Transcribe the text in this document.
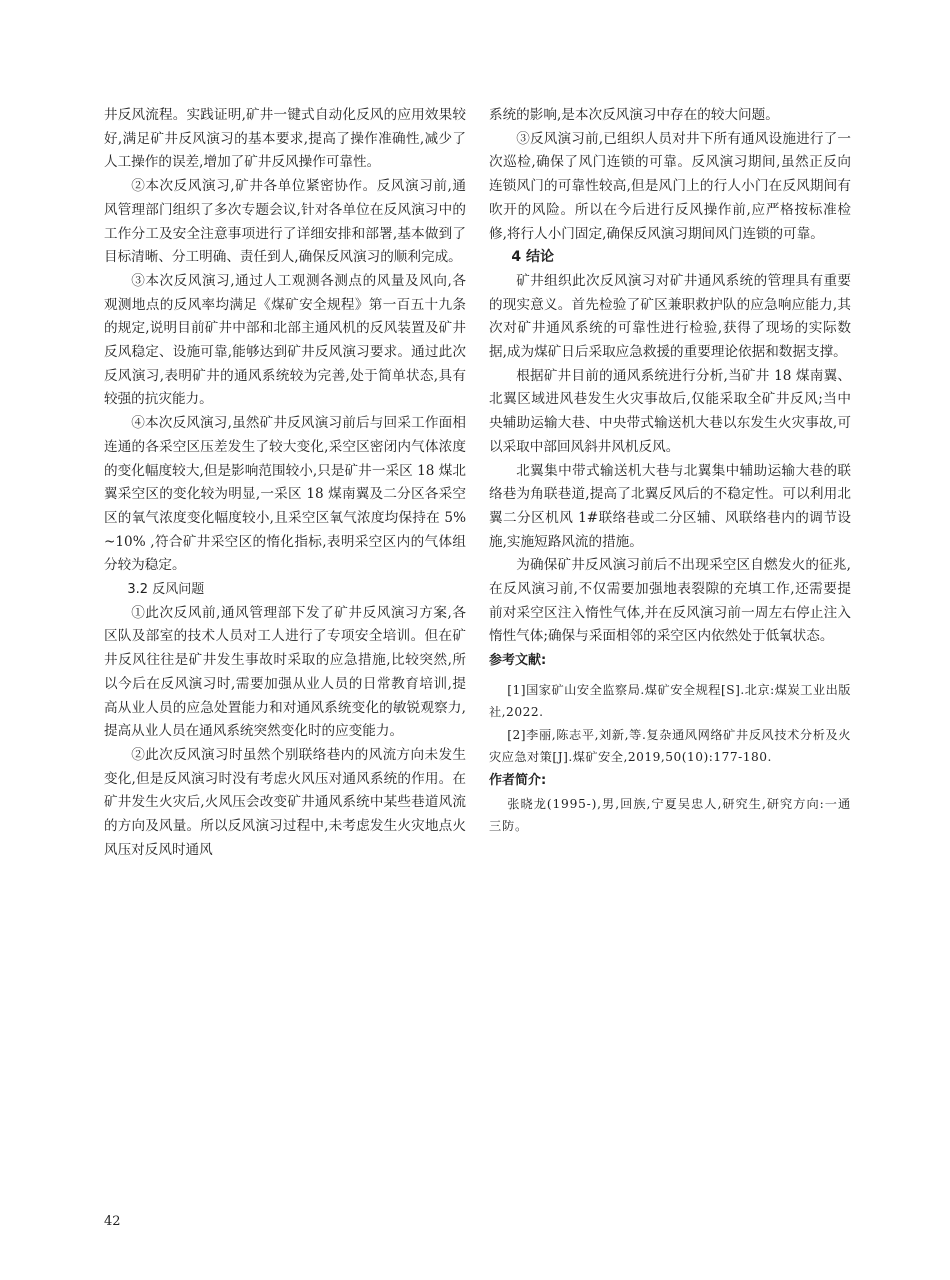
井反风流程。实践证明,矿井一键式自动化反风的应用效果较好,满足矿井反风演习的基本要求,提高了操作准确性,减少了人工操作的误差,增加了矿井反风操作可靠性。

②本次反风演习,矿井各单位紧密协作。反风演习前,通风管理部门组织了多次专题会议,针对各单位在反风演习中的工作分工及安全注意事项进行了详细安排和部署,基本做到了目标清晰、分工明确、责任到人,确保反风演习的顺利完成。

③本次反风演习,通过人工观测各测点的风量及风向,各观测地点的反风率均满足《煤矿安全规程》第一百五十九条的规定,说明目前矿井中部和北部主通风机的反风装置及矿井反风稳定、设施可靠,能够达到矿井反风演习要求。通过此次反风演习,表明矿井的通风系统较为完善,处于简单状态,具有较强的抗灾能力。

④本次反风演习,虽然矿井反风演习前后与回采工作面相连通的各采空区压差发生了较大变化,采空区密闭内气体浓度的变化幅度较大,但是影响范围较小,只是矿井一采区 18 煤北翼采空区的变化较为明显,一采区 18 煤南翼及二分区各采空区的氧气浓度变化幅度较小,且采空区氧气浓度均保持在 5% ~10% ,符合矿井采空区的惰化指标,表明采空区内的气体组分较为稳定。

3.2 反风问题

①此次反风前,通风管理部下发了矿井反风演习方案,各区队及部室的技术人员对工人进行了专项安全培训。但在矿井反风往往是矿井发生事故时采取的应急措施,比较突然,所以今后在反风演习时,需要加强从业人员的日常教育培训,提高从业人员的应急处置能力和对通风系统变化的敏锐观察力,提高从业人员在通风系统突然变化时的应变能力。

②此次反风演习时虽然个别联络巷内的风流方向未发生变化,但是反风演习时没有考虑火风压对通风系统的作用。在矿井发生火灾后,火风压会改变矿井通风系统中某些巷道风流的方向及风量。所以反风演习过程中,未考虑发生火灾地点火风压对反风时通风

系统的影响,是本次反风演习中存在的较大问题。

③反风演习前,已组织人员对井下所有通风设施进行了一次巡检,确保了风门连锁的可靠。反风演习期间,虽然正反向连锁风门的可靠性较高,但是风门上的行人小门在反风期间有吹开的风险。所以在今后进行反风操作前,应严格按标准检修,将行人小门固定,确保反风演习期间风门连锁的可靠。

4 结论

矿井组织此次反风演习对矿井通风系统的管理具有重要的现实意义。首先检验了矿区兼职救护队的应急响应能力,其次对矿井通风系统的可靠性进行检验,获得了现场的实际数据,成为煤矿日后采取应急救援的重要理论依据和数据支撑。

根据矿井目前的通风系统进行分析,当矿井 18 煤南翼、北翼区域进风巷发生火灾事故后,仅能采取全矿井反风;当中央辅助运输大巷、中央带式输送机大巷以东发生火灾事故,可以采取中部回风斜井风机反风。

北翼集中带式输送机大巷与北翼集中辅助运输大巷的联络巷为角联巷道,提高了北翼反风后的不稳定性。可以利用北翼二分区机风 1#联络巷或二分区辅、风联络巷内的调节设施,实施短路风流的措施。

为确保矿井反风演习前后不出现采空区自燃发火的征兆,在反风演习前,不仅需要加强地表裂隙的充填工作,还需要提前对采空区注入惰性气体,并在反风演习前一周左右停止注入惰性气体;确保与采面相邻的采空区内依然处于低氧状态。

参考文献:

[1]国家矿山安全监察局.煤矿安全规程[S].北京:煤炭工业出版社,2022.

[2]李丽,陈志平,刘新,等.复杂通风网络矿井反风技术分析及火灾应急对策[J].煤矿安全,2019,50(10):177-180.

作者简介:

张晓龙(1995-),男,回族,宁夏吴忠人,研究生,研究方向:一通三防。

42
